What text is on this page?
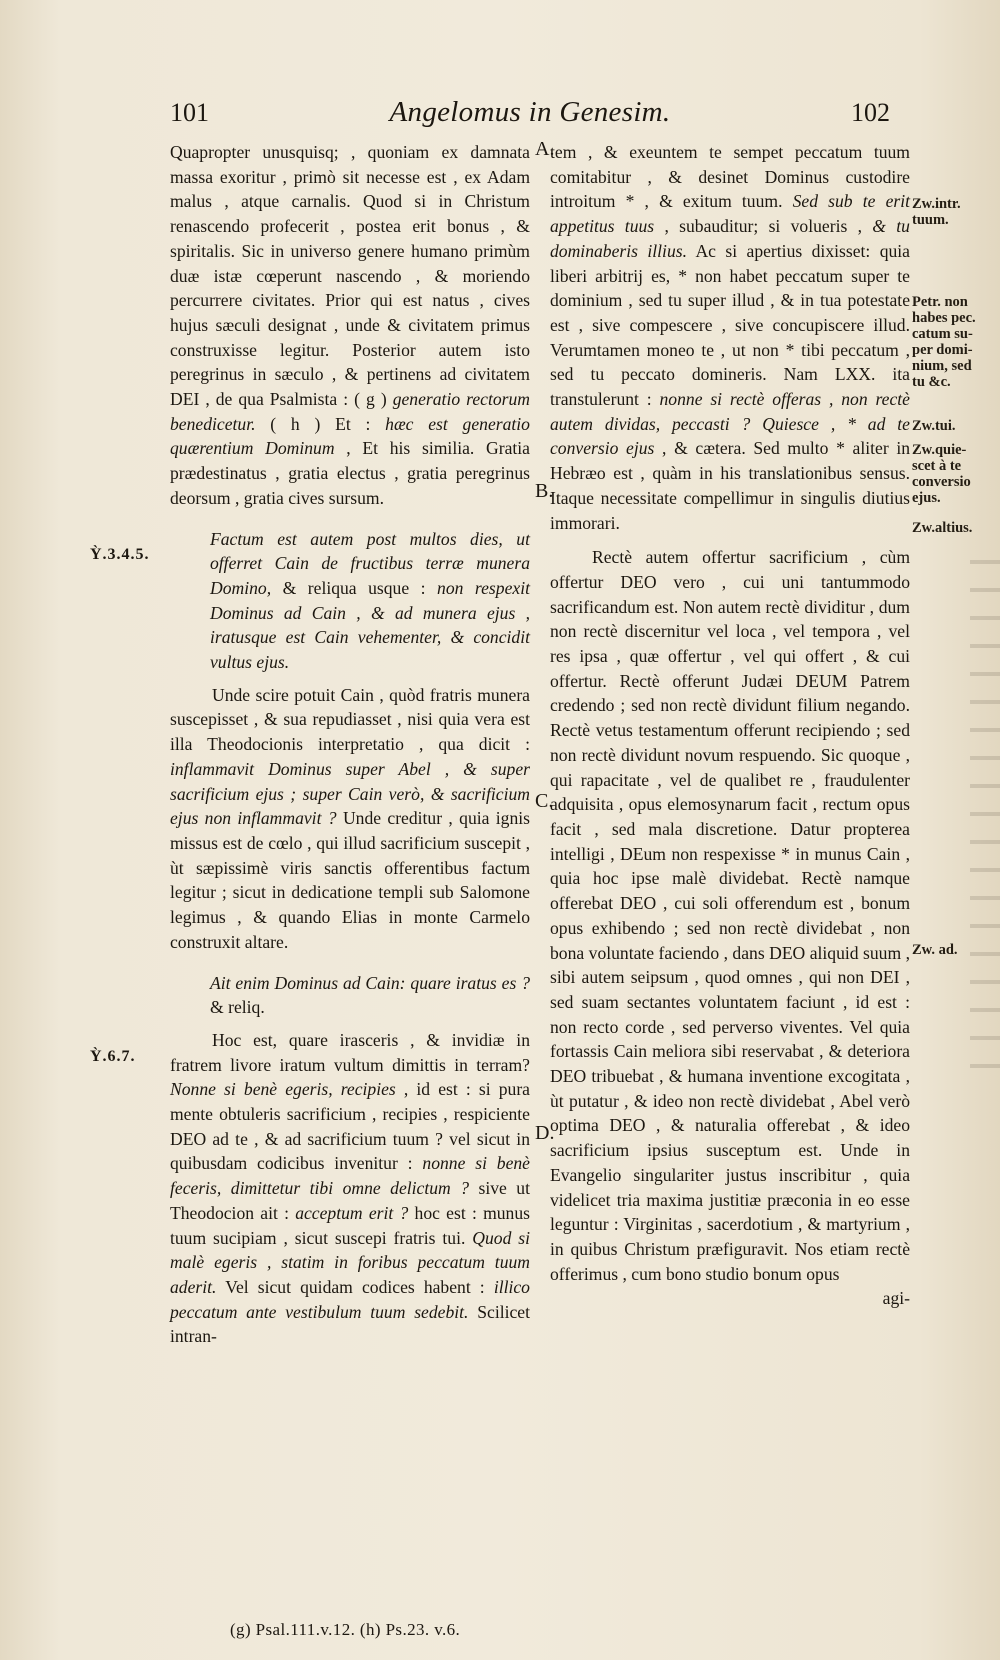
101	Angelomus in Genesim.	102

Quapropter unusquisq; , quoniam ex damnata massa exoritur , primò sit necesse est , ex Adam malus , atque carnalis. Quod si in Christum renascendo profecerit , postea erit bonus , & spiritalis. Sic in universo genere humano primùm duæ istæ cœperunt nascendo , & moriendo percurrere civitates. Prior qui est natus , cives hujus sæculi designat , unde & civitatem primus construxisse legitur. Posterior autem isto peregrinus in sæculo , & pertinens ad civitatem DEI , de qua Psalmista : ( g ) generatio rectorum benedicetur. ( h ) Et : hæc est generatio quærentium Dominum , Et his similia. Gratia prædestinatus , gratia electus , gratia peregrinus deorsum , gratia cives sursum.

Factum est autem post multos dies, ut offerret Cain de fructibus terræ munera Domino, & reliqua usque : non respexit Dominus ad Cain , & ad munera ejus , iratusque est Cain vehementer, & concidit vultus ejus.

Unde scire potuit Cain , quòd fratris munera suscepisset , & sua repudiasset , nisi quia vera est illa Theodocionis interpretatio , qua dicit : inflammavit Dominus super Abel , & super sacrificium ejus ; super Cain verò, & sacrificium ejus non inflammavit ? Unde creditur , quia ignis missus est de cœlo , qui illud sacrificium suscepit , ùt sæpissimè viris sanctis offerentibus factum legitur ; sicut in dedicatione templi sub Salomone legimus , & quando Elias in monte Carmelo construxit altare.

Ait enim Dominus ad Cain: quare iratus es ? & reliq.

Hoc est, quare irasceris , & invidiæ in fratrem livore iratum vultum dimittis in terram? Nonne si benè egeris, recipies , id est : si pura mente obtuleris sacrificium , recipies , respiciente DEO ad te , & ad sacrificium tuum ? vel sicut in quibusdam codicibus invenitur : nonne si benè feceris, dimittetur tibi omne delictum ? sive ut Theodocion ait : acceptum erit ? hoc est : munus tuum sucipiam , sicut suscepi fratris tui. Quod si malè egeris , statim in foribus peccatum tuum aderit. Vel sicut quidam codices habent : illico peccatum ante vestibulum tuum sedebit. Scilicet intran-

tem , & exeuntem te sempet peccatum tuum comitabitur , & desinet Dominus custodire introitum * , & exitum tuum. Sed sub te erit appetitus tuus , subauditur; si volueris , & tu dominaberis illius. Ac si apertius dixisset: quia liberi arbitrij es, * non habet peccatum super te dominium , sed tu super illud , & in tua potestate est , sive compescere , sive concupiscere illud. Verumtamen moneo te , ut non * tibi peccatum , sed tu peccato domineris. Nam LXX. ita transtulerunt : nonne si rectè offeras , non rectè autem dividas, peccasti ? Quiesce , * ad te conversio ejus , & cætera. Sed multo * aliter in Hebræo est , quàm in his translationibus sensus. Itaque necessitate compellimur in singulis diutius immorari.

Rectè autem offertur sacrificium , cùm offertur DEO vero , cui uni tantummodo sacrificandum est. Non autem rectè dividitur , dum non rectè discernitur vel loca , vel tempora , vel res ipsa , quæ offertur , vel qui offert , & cui offertur. Rectè offerunt Judæi DEUM Patrem credendo ; sed non rectè dividunt filium negando. Rectè vetus testamentum offerunt recipiendo ; sed non rectè dividunt novum respuendo. Sic quoque , qui rapacitate , vel de qualibet re , fraudulenter adquisita , opus elemosynarum facit , rectum opus facit , sed mala discretione. Datur propterea intelligi , DEum non respexisse * in munus Cain , quia hoc ipse malè dividebat. Rectè namque offerebat DEO , cui soli offerendum est , bonum opus exhibendo ; sed non rectè dividebat , non bona voluntate faciendo , dans DEO aliquid suum , sibi autem seipsum , quod omnes , qui non DEI , sed suam sectantes voluntatem faciunt , id est : non recto corde , sed perverso viventes. Vel quia fortassis Cain meliora sibi reservabat , & deteriora DEO tribuebat , & humana inventione excogitata , ùt putatur , & ideo non rectè dividebat , Abel verò optima DEO , & naturalia offerebat , & ideo sacrificium ipsius susceptum est. Unde in Evangelio singulariter justus inscribitur , quia videlicet tria maxima justitiæ præconia in eo esse leguntur : Virginitas , sacerdotium , & martyrium , in quibus Christum præfiguravit. Nos etiam rectè offerimus , cum bono studio bonum opus

agi-

Ỳ.3.4.5.
Ỳ.6.7.
A.
B.
C.
D.
Zw.intr.
tuum.
Petr. non
habes pec.
catum su-
per domi-
nium, sed
tu &c.
Zw.tui.
Zw.quie-
scet à te
conversio
ejus.
Zw.altius.
Zw. ad.
(g) Psal.111.v.12. (h) Ps.23. v.6.
